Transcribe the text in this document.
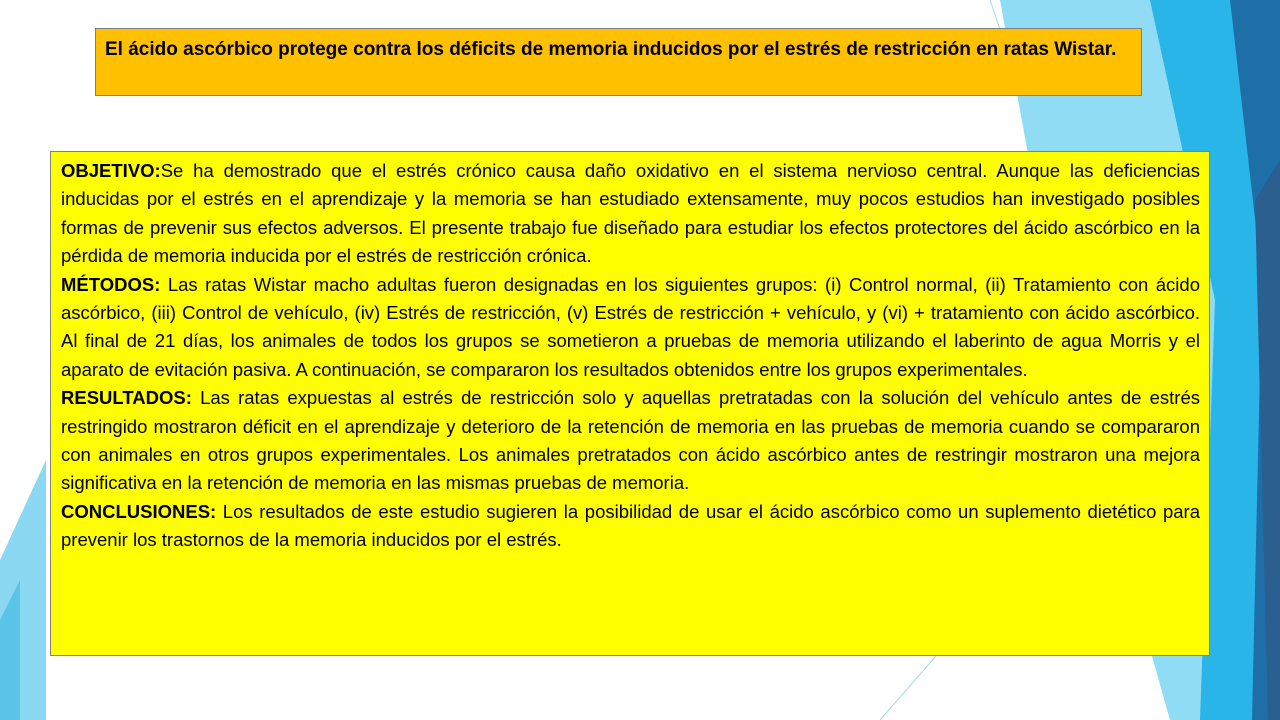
El ácido ascórbico protege contra los déficits de memoria inducidos por el estrés de restricción en ratas Wistar.

OBJETIVO:Se ha demostrado que el estrés crónico causa daño oxidativo en el sistema nervioso central. Aunque las deficiencias inducidas por el estrés en el aprendizaje y la memoria se han estudiado extensamente, muy pocos estudios han investigado posibles formas de prevenir sus efectos adversos. El presente trabajo fue diseñado para estudiar los efectos protectores del ácido ascórbico en la pérdida de memoria inducida por el estrés de restricción crónica.

MÉTODOS: Las ratas Wistar macho adultas fueron designadas en los siguientes grupos: (i) Control normal, (ii) Tratamiento con ácido ascórbico, (iii) Control de vehículo, (iv) Estrés de restricción, (v) Estrés de restricción + vehículo, y (vi) + tratamiento con ácido ascórbico. Al final de 21 días, los animales de todos los grupos se sometieron a pruebas de memoria utilizando el laberinto de agua Morris y el aparato de evitación pasiva. A continuación, se compararon los resultados obtenidos entre los grupos experimentales.

RESULTADOS: Las ratas expuestas al estrés de restricción solo y aquellas pretratadas con la solución del vehículo antes de estrés restringido mostraron déficit en el aprendizaje y deterioro de la retención de memoria en las pruebas de memoria cuando se compararon con animales en otros grupos experimentales. Los animales pretratados con ácido ascórbico antes de restringir mostraron una mejora significativa en la retención de memoria en las mismas pruebas de memoria.

CONCLUSIONES: Los resultados de este estudio sugieren la posibilidad de usar el ácido ascórbico como un suplemento dietético para prevenir los trastornos de la memoria inducidos por el estrés.
